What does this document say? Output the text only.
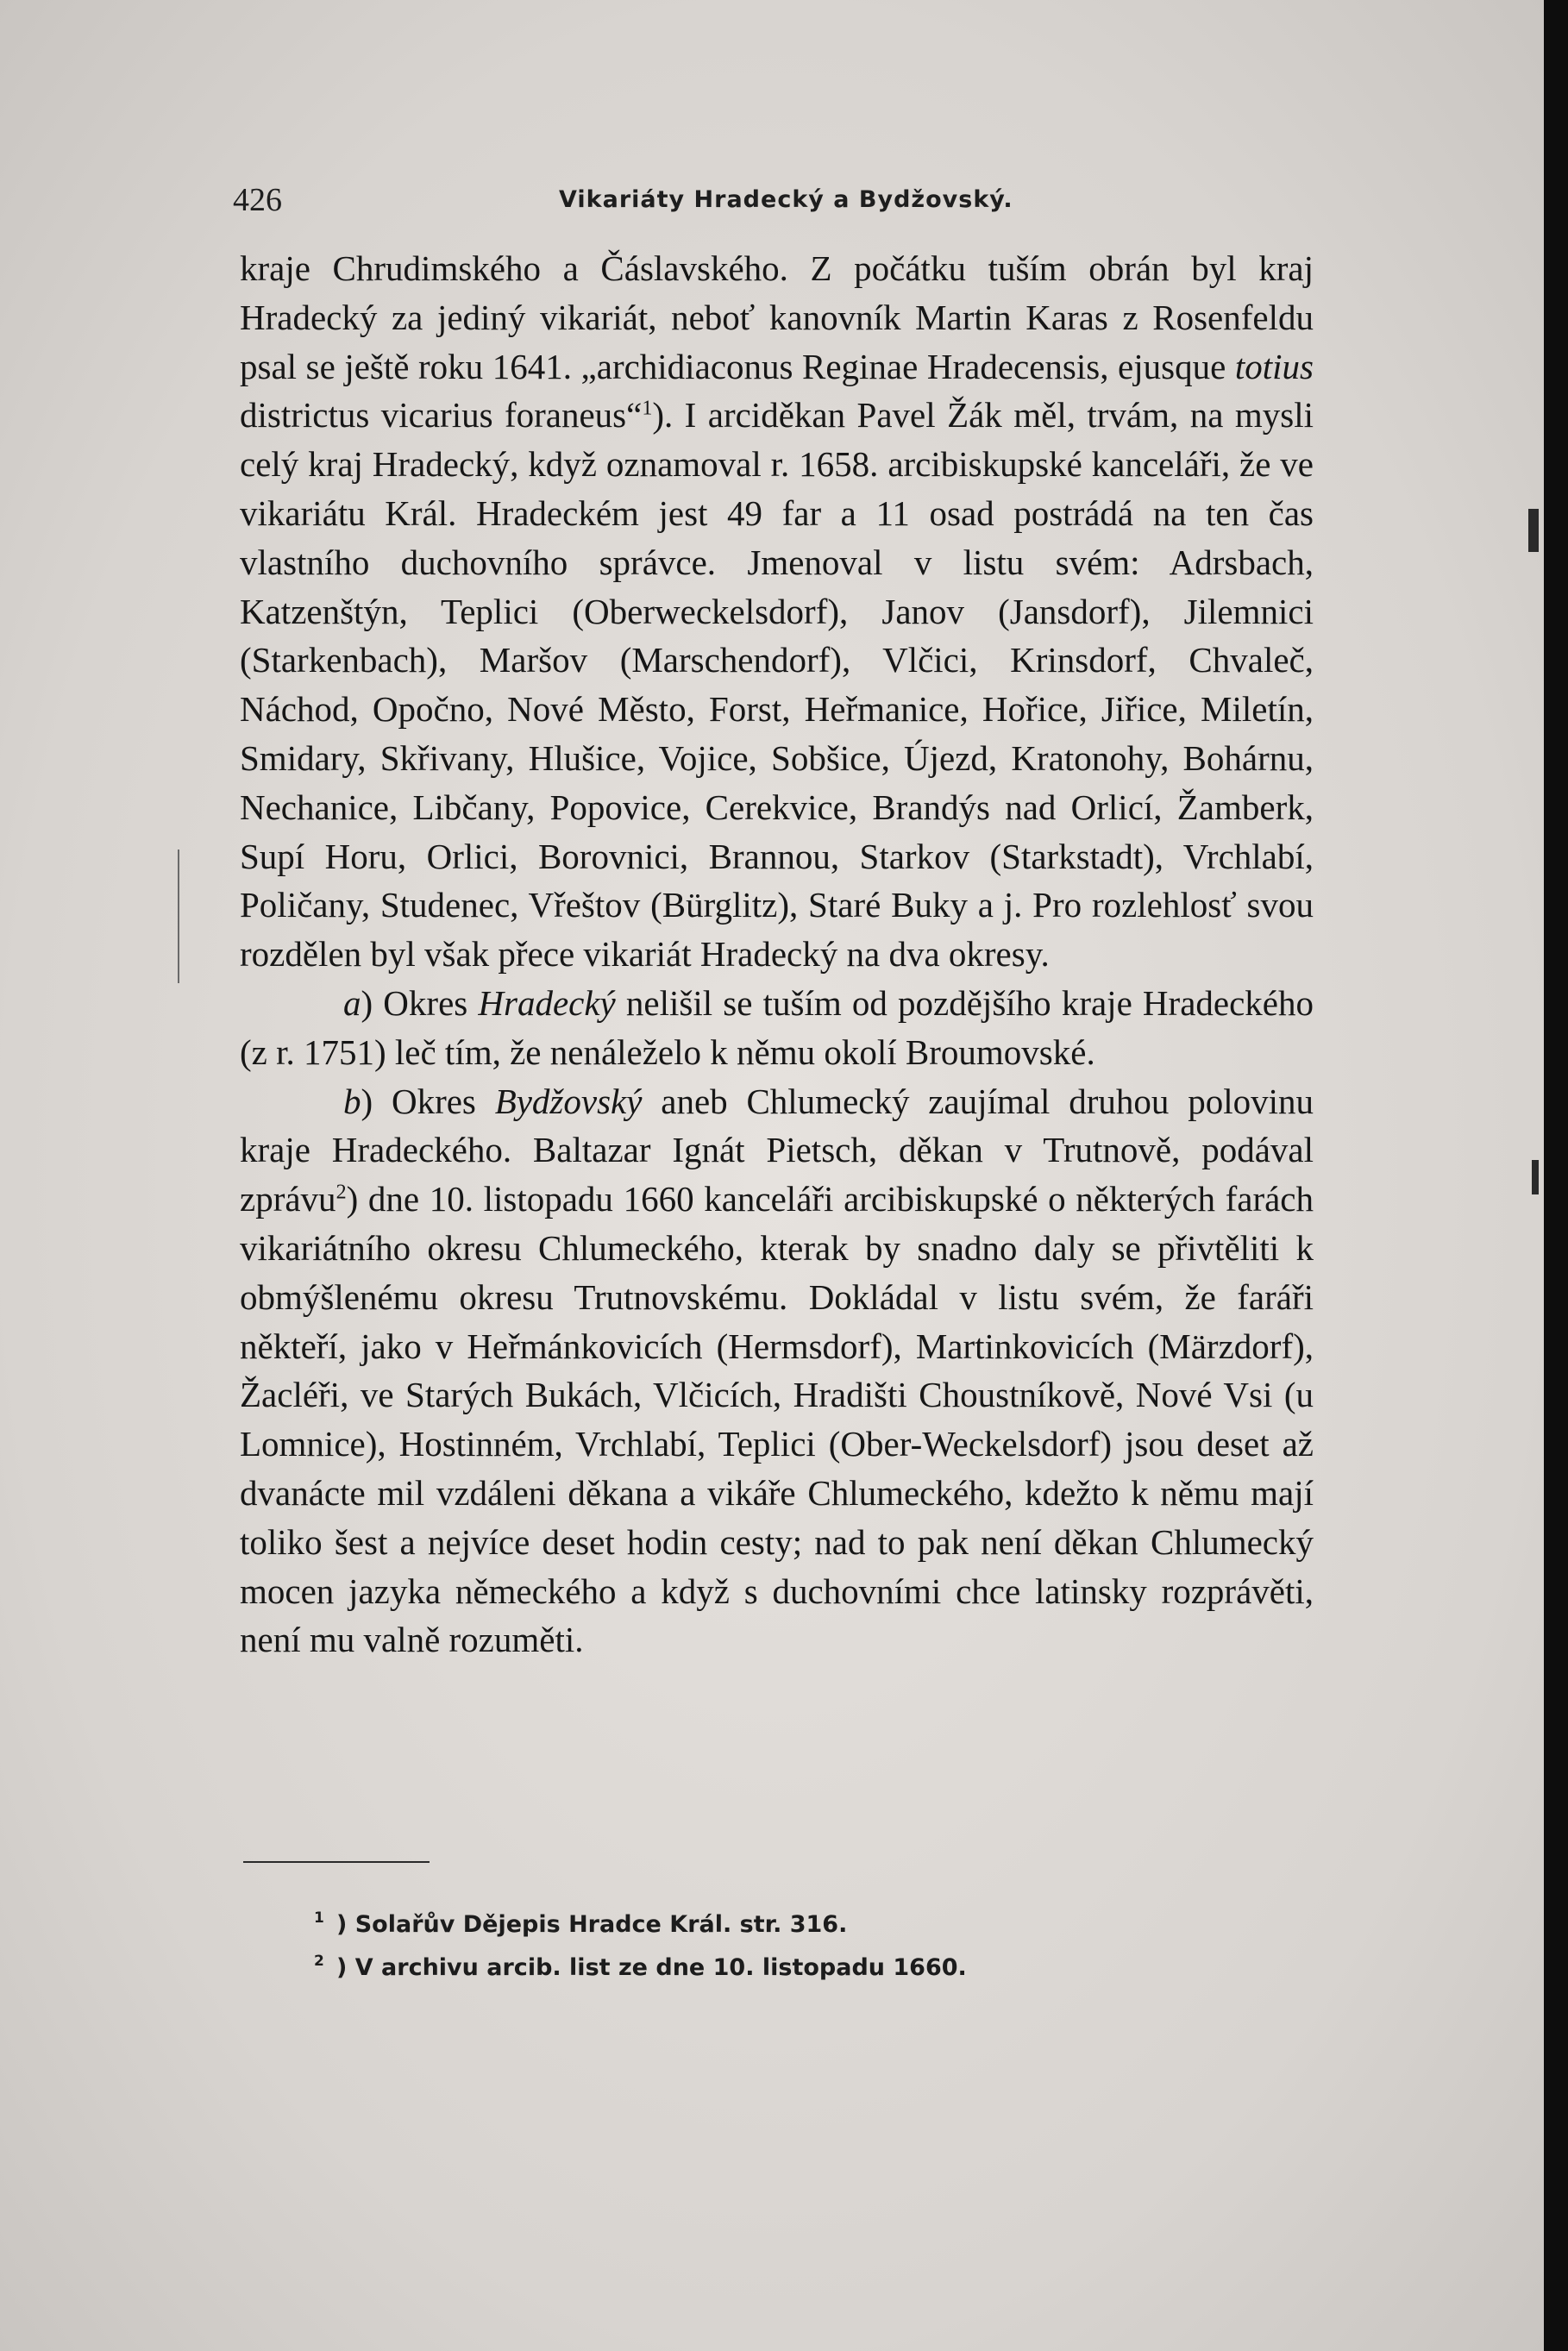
426	Vikariáty Hradecký a Bydžovský.

kraje Chrudimského a Čáslavského. Z počátku tuším obrán byl kraj Hradecký za jediný vikariát, neboť kanovník Martin Karas z Rosenfeldu psal se ještě roku 1641. „archidiaconus Reginae Hradecensis, ejusque totius districtus vicarius foraneus“$^1$). I arciděkan Pavel Žák měl, trvám, na mysli celý kraj Hradecký, když oznamoval r. 1658. arcibiskupské kanceláři, že ve vikariátu Král. Hradeckém jest 49 far a 11 osad postrádá na ten čas vlastního duchovního správce. Jmenoval v listu svém: Adrsbach, Katzenštýn, Teplici (Oberweckelsdorf), Janov (Jansdorf), Jilemnici (Starkenbach), Maršov (Marschendorf), Vlčici, Krinsdorf, Chvaleč, Náchod, Opočno, Nové Město, Forst, Heřmanice, Hořice, Jiřice, Miletín, Smidary, Skřivany, Hlušice, Vojice, Sobšice, Újezd, Kratonohy, Bohárnu, Nechanice, Libčany, Popovice, Cerekvice, Brandýs nad Orlicí, Žamberk, Supí Horu, Orlici, Borovnici, Brannou, Starkov (Starkstadt), Vrchlabí, Poličany, Studenec, Vřeštov (Bürglitz), Staré Buky a j. Pro rozlehlosť svou rozdělen byl však přece vikariát Hradecký na dva okresy.

a) Okres Hradecký nelišil se tuším od pozdějšího kraje Hradeckého (z r. 1751) leč tím, že nenáleželo k němu okolí Broumovské.

b) Okres Bydžovský aneb Chlumecký zaujímal druhou polovinu kraje Hradeckého. Baltazar Ignát Pietsch, děkan v Trutnově, podával zprávu$^2$) dne 10. listopadu 1660 kanceláři arcibiskupské o některých farách vikariátního okresu Chlumeckého, kterak by snadno daly se přivtěliti k obmýšlenému okresu Trutnovskému. Dokládal v listu svém, že faráři někteří, jako v Heřmánkovicích (Hermsdorf), Martinkovicích (Märzdorf), Žacléři, ve Starých Bukách, Vlčicích, Hradišti Choustníkově, Nové Vsi (u Lomnice), Hostinném, Vrchlabí, Teplici (Ober-Weckelsdorf) jsou deset až dvanácte mil vzdáleni děkana a vikáře Chlumeckého, kdežto k němu mají toliko šest a nejvíce deset hodin cesty; nad to pak není děkan Chlumecký mocen jazyka německého a když s duchovními chce latinsky rozprávěti, není mu valně rozuměti.

1 ) Solařův Dějepis Hradce Král. str. 316.

2 ) V archivu arcib. list ze dne 10. listopadu 1660.
